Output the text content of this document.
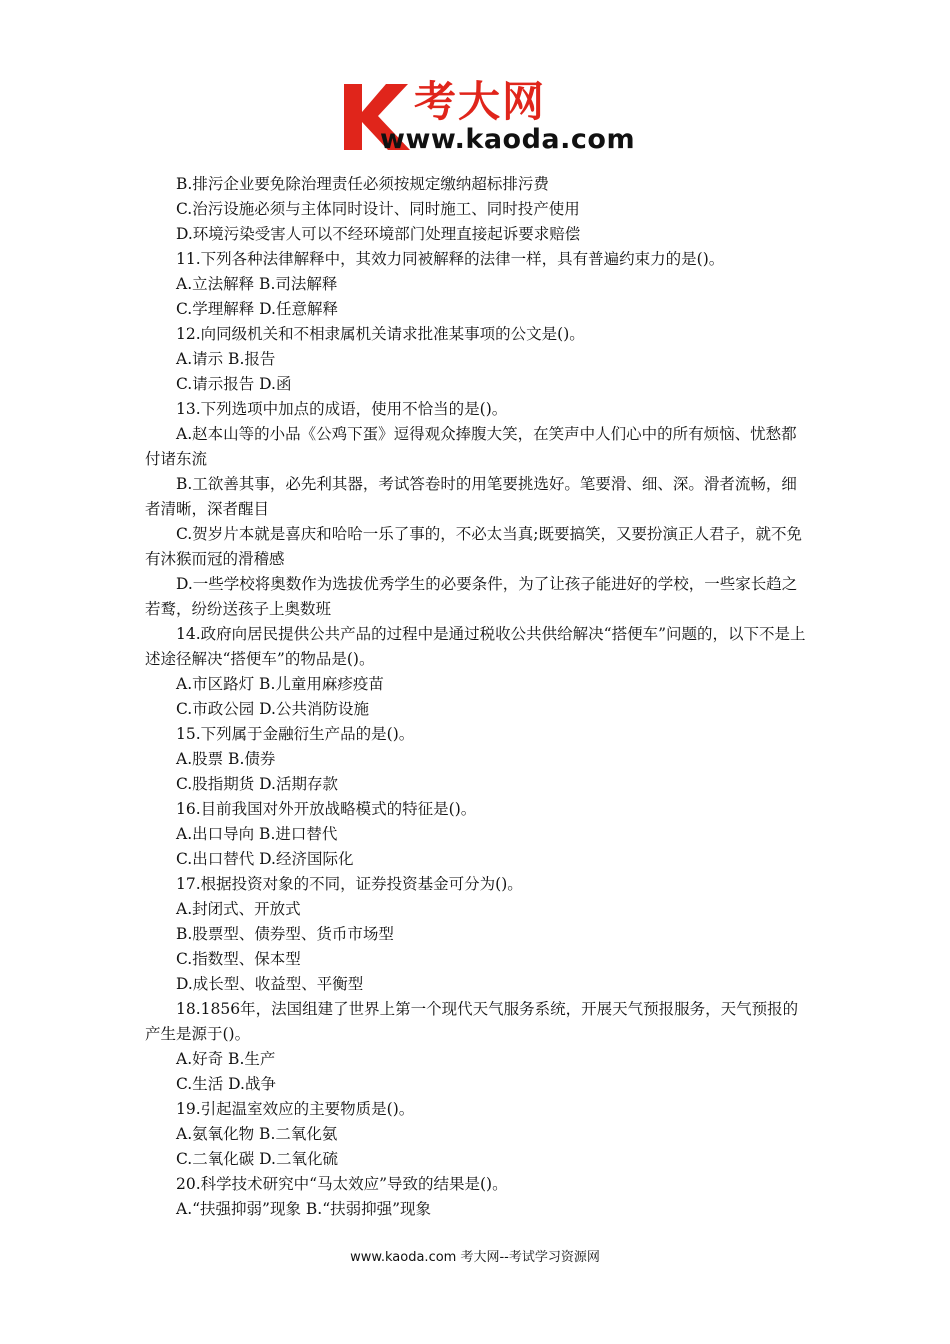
考大网
www.kaoda.com

B.排污企业要免除治理责任必须按规定缴纳超标排污费

C.治污设施必须与主体同时设计、同时施工、同时投产使用

D.环境污染受害人可以不经环境部门处理直接起诉要求赔偿

11.下列各种法律解释中，其效力同被解释的法律一样，具有普遍约束力的是()。

A.立法解释 B.司法解释

C.学理解释 D.任意解释

12.向同级机关和不相隶属机关请求批准某事项的公文是()。

A.请示 B.报告

C.请示报告 D.函

13.下列选项中加点的成语，使用不恰当的是()。

A.赵本山等的小品《公鸡下蛋》逗得观众捧腹大笑，在笑声中人们心中的所有烦恼、忧愁都付诸东流

B.工欲善其事，必先利其器，考试答卷时的用笔要挑选好。笔要滑、细、深。滑者流畅，细者清晰，深者醒目

C.贺岁片本就是喜庆和哈哈一乐了事的，不必太当真;既要搞笑，又要扮演正人君子，就不免有沐猴而冠的滑稽感

D.一些学校将奥数作为选拔优秀学生的必要条件，为了让孩子能进好的学校，一些家长趋之若鹜，纷纷送孩子上奥数班

14.政府向居民提供公共产品的过程中是通过税收公共供给解决“搭便车”问题的，以下不是上述途径解决“搭便车”的物品是()。

A.市区路灯 B.儿童用麻疹疫苗

C.市政公园 D.公共消防设施

15.下列属于金融衍生产品的是()。

A.股票 B.债券

C.股指期货 D.活期存款

16.目前我国对外开放战略模式的特征是()。

A.出口导向 B.进口替代

C.出口替代 D.经济国际化

17.根据投资对象的不同，证券投资基金可分为()。

A.封闭式、开放式

B.股票型、债券型、货币市场型

C.指数型、保本型

D.成长型、收益型、平衡型

18.1856年，法国组建了世界上第一个现代天气服务系统，开展天气预报服务，天气预报的产生是源于()。

A.好奇 B.生产

C.生活 D.战争

19.引起温室效应的主要物质是()。

A.氨氧化物 B.二氧化氨

C.二氧化碳 D.二氧化硫

20.科学技术研究中“马太效应”导致的结果是()。

A.“扶强抑弱”现象 B.“扶弱抑强”现象

www.kaoda.com 考大网--考试学习资源网
